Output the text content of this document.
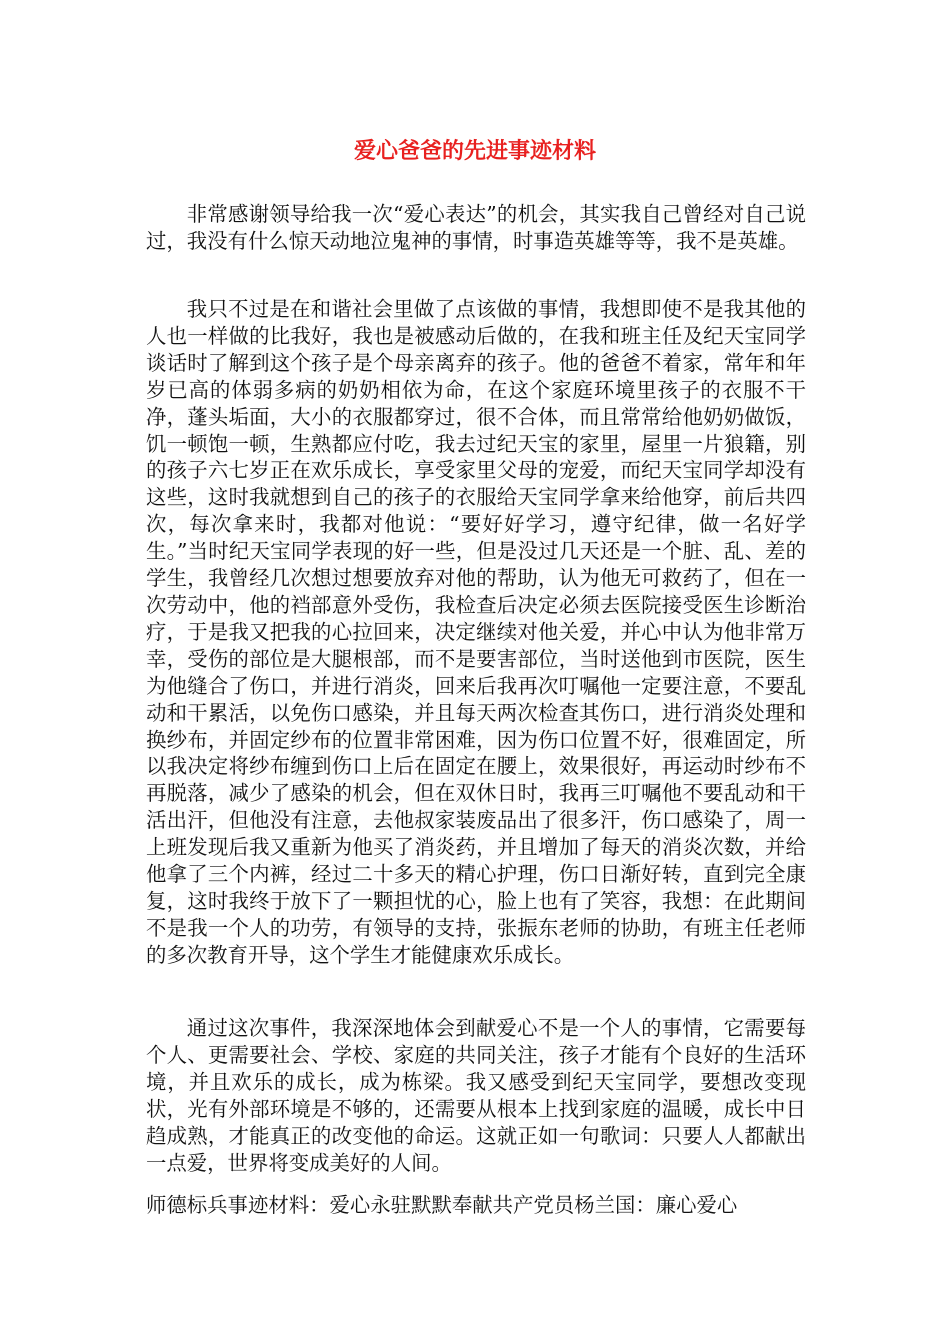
爱心爸爸的先进事迹材料

非常感谢领导给我一次“爱心表达”的机会，其实我自己曾经对自己说过，我没有什么惊天动地泣鬼神的事情，时事造英雄等等，我不是英雄。

我只不过是在和谐社会里做了点该做的事情，我想即使不是我其他的人也一样做的比我好，我也是被感动后做的，在我和班主任及纪天宝同学谈话时了解到这个孩子是个母亲离弃的孩子。他的爸爸不着家，常年和年岁已高的体弱多病的奶奶相依为命，在这个家庭环境里孩子的衣服不干净，蓬头垢面，大小的衣服都穿过，很不合体，而且常常给他奶奶做饭，饥一顿饱一顿，生熟都应付吃，我去过纪天宝的家里，屋里一片狼籍，别的孩子六七岁正在欢乐成长，享受家里父母的宠爱，而纪天宝同学却没有这些，这时我就想到自己的孩子的衣服给天宝同学拿来给他穿，前后共四次，每次拿来时，我都对他说：“要好好学习，遵守纪律，做一名好学生。”当时纪天宝同学表现的好一些，但是没过几天还是一个脏、乱、差的学生，我曾经几次想过想要放弃对他的帮助，认为他无可救药了，但在一次劳动中，他的裆部意外受伤，我检查后决定必须去医院接受医生诊断治疗，于是我又把我的心拉回来，决定继续对他关爱，并心中认为他非常万幸，受伤的部位是大腿根部，而不是要害部位，当时送他到市医院，医生为他缝合了伤口，并进行消炎，回来后我再次叮嘱他一定要注意，不要乱动和干累活，以免伤口感染，并且每天两次检查其伤口，进行消炎处理和换纱布，并固定纱布的位置非常困难，因为伤口位置不好，很难固定，所以我决定将纱布缠到伤口上后在固定在腰上，效果很好，再运动时纱布不再脱落，减少了感染的机会，但在双休日时，我再三叮嘱他不要乱动和干活出汗，但他没有注意，去他叔家装废品出了很多汗，伤口感染了，周一上班发现后我又重新为他买了消炎药，并且增加了每天的消炎次数，并给他拿了三个内裤，经过二十多天的精心护理，伤口日渐好转，直到完全康复，这时我终于放下了一颗担忧的心，脸上也有了笑容，我想：在此期间不是我一个人的功劳，有领导的支持，张振东老师的协助，有班主任老师的多次教育开导，这个学生才能健康欢乐成长。

通过这次事件，我深深地体会到献爱心不是一个人的事情，它需要每个人、更需要社会、学校、家庭的共同关注，孩子才能有个良好的生活环境，并且欢乐的成长，成为栋梁。我又感受到纪天宝同学，要想改变现状，光有外部环境是不够的，还需要从根本上找到家庭的温暖，成长中日趋成熟，才能真正的改变他的命运。这就正如一句歌词：只要人人都献出一点爱，世界将变成美好的人间。

师德标兵事迹材料：爱心永驻默默奉献共产党员杨兰国：廉心爱心
